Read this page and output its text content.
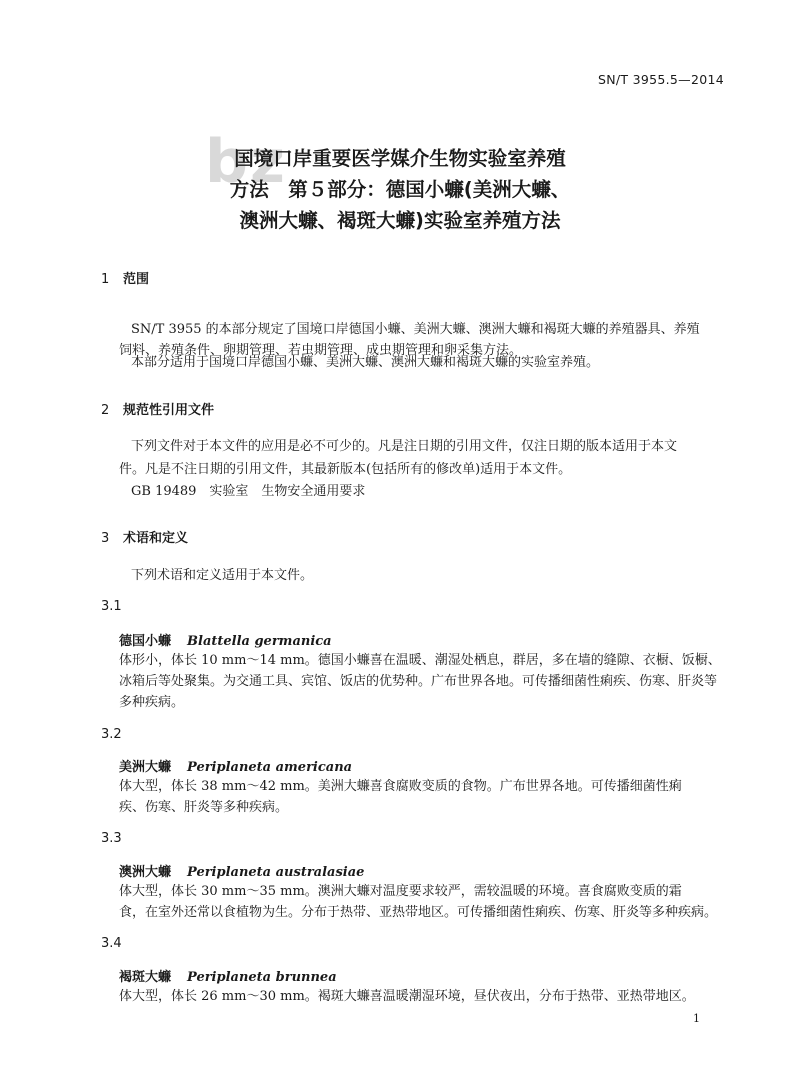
SN/T 3955.5—2014
bz
国境口岸重要医学媒介生物实验室养殖
方法　第５部分：德国小蠊(美洲大蠊、
澳洲大蠊、褐斑大蠊)实验室养殖方法
1 范围
SN/T 3955 的本部分规定了国境口岸德国小蠊、美洲大蠊、澳洲大蠊和褐斑大蠊的养殖器具、养殖
饲料、养殖条件、卵期管理、若虫期管理、成虫期管理和卵采集方法。
本部分适用于国境口岸德国小蠊、美洲大蠊、澳洲大蠊和褐斑大蠊的实验室养殖。
2 规范性引用文件
下列文件对于本文件的应用是必不可少的。凡是注日期的引用文件，仅注日期的版本适用于本文
件。凡是不注日期的引用文件，其最新版本(包括所有的修改单)适用于本文件。
GB 19489　实验室　生物安全通用要求
3 术语和定义
下列术语和定义适用于本文件。
3.1
德国小蠊 Blattella germanica
体形小，体长 10 mm～14 mm。德国小蠊喜在温暖、潮湿处栖息，群居，多在墙的缝隙、衣橱、饭橱、
冰箱后等处聚集。为交通工具、宾馆、饭店的优势种。广布世界各地。可传播细菌性痢疾、伤寒、肝炎等
多种疾病。
3.2
美洲大蠊 Periplaneta americana
体大型，体长 38 mm～42 mm。美洲大蠊喜食腐败变质的食物。广布世界各地。可传播细菌性痢
疾、伤寒、肝炎等多种疾病。
3.3
澳洲大蠊 Periplaneta australasiae
体大型，体长 30 mm～35 mm。澳洲大蠊对温度要求较严，需较温暖的环境。喜食腐败变质的霜
食，在室外还常以食植物为生。分布于热带、亚热带地区。可传播细菌性痢疾、伤寒、肝炎等多种疾病。
3.4
褐斑大蠊 Periplaneta brunnea
体大型，体长 26 mm～30 mm。褐斑大蠊喜温暖潮湿环境，昼伏夜出，分布于热带、亚热带地区。
1
